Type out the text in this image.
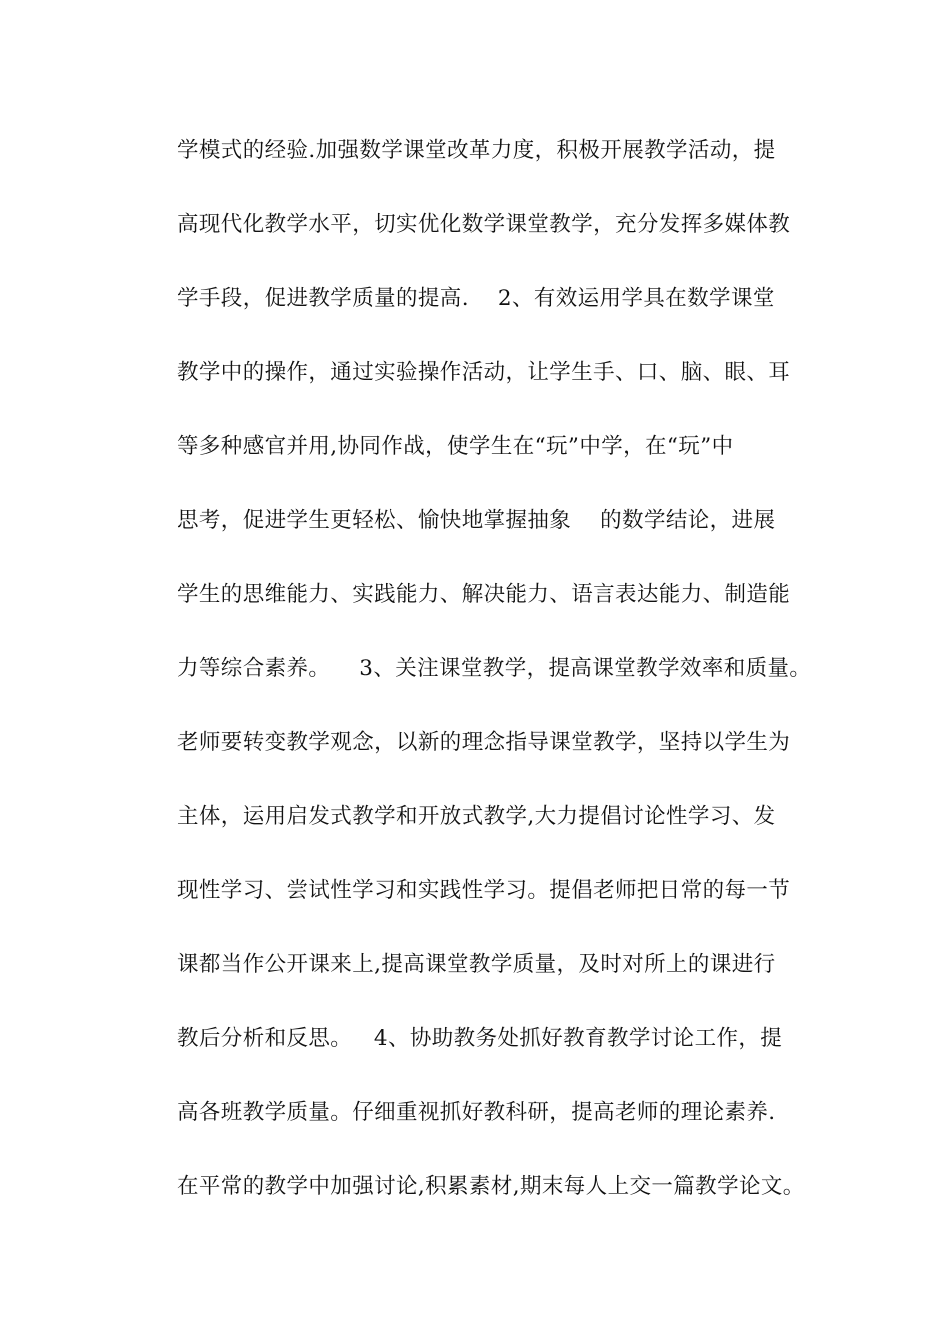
学模式的经验.加强数学课堂改革力度，积极开展教学活动，提
高现代化教学水平，切实优化数学课堂教学，充分发挥多媒体教
学手段，促进教学质量的提高.    2、有效运用学具在数学课堂
教学中的操作，通过实验操作活动，让学生手、口、脑、眼、耳
等多种感官并用,协同作战，使学生在“玩”中学，在“玩”中
思考，促进学生更轻松、愉快地掌握抽象    的数学结论，进展
学生的思维能力、实践能力、解决能力、语言表达能力、制造能
力等综合素养。    3、关注课堂教学，提高课堂教学效率和质量。
老师要转变教学观念，以新的理念指导课堂教学，坚持以学生为
主体，运用启发式教学和开放式教学,大力提倡讨论性学习、发
现性学习、尝试性学习和实践性学习。提倡老师把日常的每一节
课都当作公开课来上,提高课堂教学质量，及时对所上的课进行
教后分析和反思。   4、协助教务处抓好教育教学讨论工作，提
高各班教学质量。仔细重视抓好教科研，提高老师的理论素养.
在平常的教学中加强讨论,积累素材,期末每人上交一篇教学论文。
